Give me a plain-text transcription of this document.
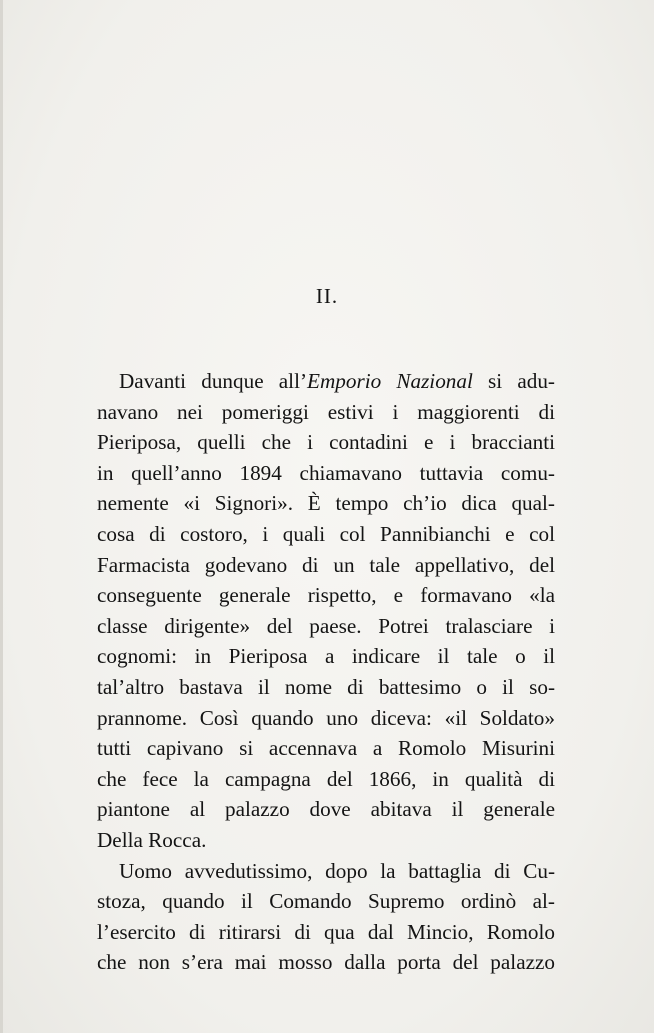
II.
Davanti dunque all’Emporio Nazional si adu-
navano nei pomeriggi estivi i maggiorenti di
Pieriposa, quelli che i contadini e i braccianti
in quell’anno 1894 chiamavano tuttavia comu-
nemente «i Signori». È tempo ch’io dica qual-
cosa di costoro, i quali col Pannibianchi e col
Farmacista godevano di un tale appellativo, del
conseguente generale rispetto, e formavano «la
classe dirigente» del paese. Potrei tralasciare i
cognomi: in Pieriposa a indicare il tale o il
tal’altro bastava il nome di battesimo o il so-
prannome. Così quando uno diceva: «il Soldato»
tutti capivano si accennava a Romolo Misurini
che fece la campagna del 1866, in qualità di
piantone al palazzo dove abitava il generale
Della Rocca.
Uomo avvedutissimo, dopo la battaglia di Cu-
stoza, quando il Comando Supremo ordinò al-
l’esercito di ritirarsi di qua dal Mincio, Romolo
che non s’era mai mosso dalla porta del palazzo
